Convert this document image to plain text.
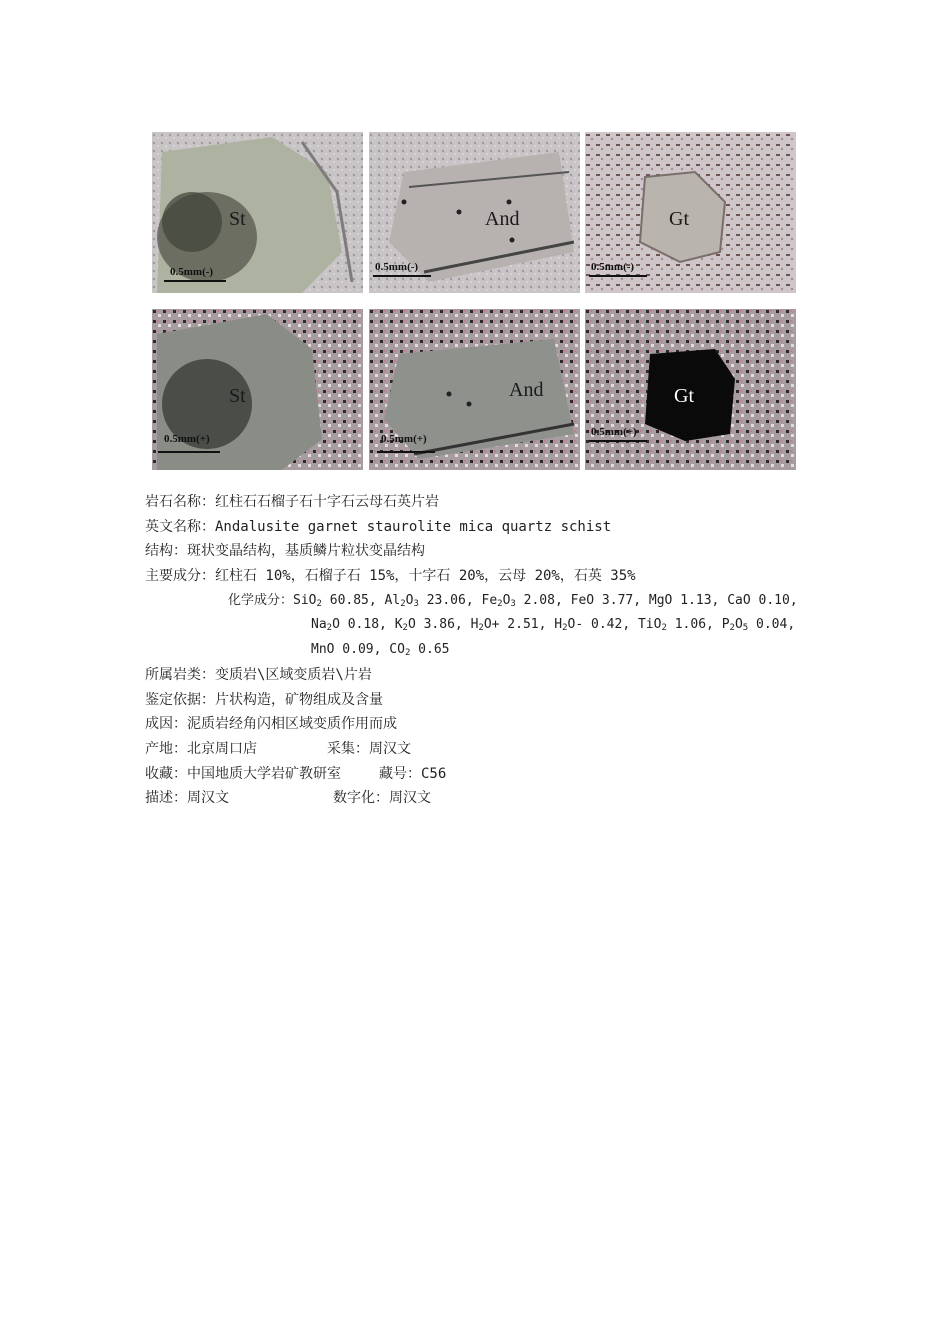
St
0.5mm(-)
And
0.5mm(-)
Gt
0.5mm(-)
St
0.5mm(+)
And
0.5mm(+)
Gt
0.5mm(+)
岩石名称：红柱石石榴子石十字石云母石英片岩
英文名称：Andalusite garnet staurolite mica quartz schist
结构：斑状变晶结构，基质鳞片粒状变晶结构
主要成分：红柱石 10%，石榴子石 15%，十字石 20%，云母 20%，石英 35%
化学成分：SiO$_2$ 60.85, $Al_2O_3$ 23.06, $Fe_2O_3$ 2.08, FeO 3.77, MgO 1.13, CaO 0.10,
$Na_2O$ 0.18, $K_2O$ 3.86, $H_2O+ 2.51$, $H_2O-$ 0.42, TiO$_2$ 1.06, $P_2O_5$ 0.04,
MnO 0.09, $CO_2$ 0.65
所属岩类：变质岩\区域变质岩\片岩
鉴定依据：片状构造，矿物组成及含量
成因：泥质岩经角闪相区域变质作用而成
产地：北京周口店	采集：周汉文
收藏：中国地质大学岩矿教研室	藏号：C56
描述：周汉文	数字化：周汉文
